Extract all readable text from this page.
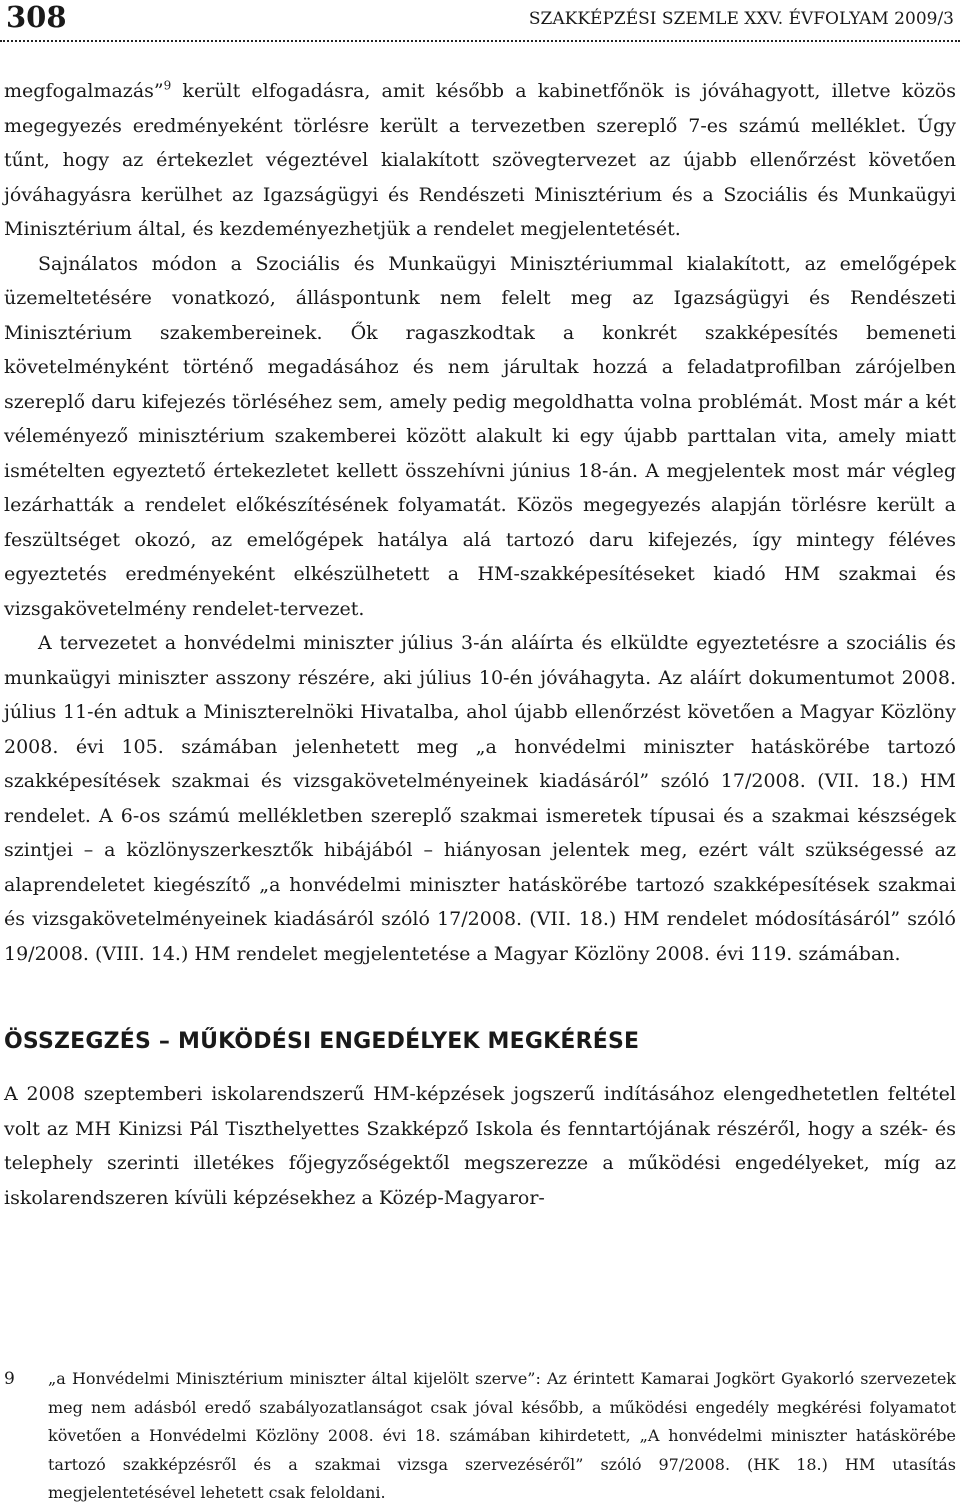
308	SZAKKÉPZÉSI SZEMLE XXV. ÉVFOLYAM 2009/3

megfogalmazás”$^9$ került elfogadásra, amit később a kabinetfőnök is jóváhagyott, illetve közös megegyezés eredményeként törlésre került a tervezetben szereplő 7-es számú melléklet. Úgy tűnt, hogy az értekezlet végeztével kialakított szövegtervezet az újabb ellenőrzést követően jóváhagyásra kerülhet az Igazságügyi és Rendészeti Minisztérium és a Szociális és Munkaügyi Minisztérium által, és kezdeményezhetjük a rendelet megjelentetését.

Sajnálatos módon a Szociális és Munkaügyi Minisztériummal kialakított, az emelőgépek üzemeltetésére vonatkozó, álláspontunk nem felelt meg az Igazságügyi és Rendészeti Minisztérium szakembereinek. Ők ragaszkodtak a konkrét szakképesítés bemeneti követelményként történő megadásához és nem járultak hozzá a feladatprofilban zárójelben szereplő daru kifejezés törléséhez sem, amely pedig megoldhatta volna problémát. Most már a két véleményező minisztérium szakemberei között alakult ki egy újabb parttalan vita, amely miatt ismételten egyeztető értekezletet kellett összehívni június 18-án. A megjelentek most már végleg lezárhatták a rendelet előkészítésének folyamatát. Közös megegyezés alapján törlésre került a feszültséget okozó, az emelőgépek hatálya alá tartozó daru kifejezés, így mintegy féléves egyeztetés eredményeként elkészülhetett a HM-szakképesítéseket kiadó HM szakmai és vizsgakövetelmény rendelet-tervezet.

A tervezetet a honvédelmi miniszter július 3-án aláírta és elküldte egyeztetésre a szociális és munkaügyi miniszter asszony részére, aki július 10-én jóváhagyta. Az aláírt dokumentumot 2008. július 11-én adtuk a Miniszterelnöki Hivatalba, ahol újabb ellenőrzést követően a Magyar Közlöny 2008. évi 105. számában jelenhetett meg „a honvédelmi miniszter hatáskörébe tartozó szakképesítések szakmai és vizsgakövetelményeinek kiadásáról” szóló 17/2008. (VII. 18.) HM rendelet. A 6-os számú mellékletben szereplő szakmai ismeretek típusai és a szakmai készségek szintjei – a közlönyszerkesztők hibájából – hiányosan jelentek meg, ezért vált szükségessé az alaprendeletet kiegészítő „a honvédelmi miniszter hatáskörébe tartozó szakképesítések szakmai és vizsgakövetelményeinek kiadásáról szóló 17/2008. (VII. 18.) HM rendelet módosításáról” szóló 19/2008. (VIII. 14.) HM rendelet megjelentetése a Magyar Közlöny 2008. évi 119. számában.

ÖSSZEGZÉS – MŰKÖDÉSI ENGEDÉLYEK MEGKÉRÉSE

A 2008 szeptemberi iskolarendszerű HM-képzések jogszerű indításához elengedhetetlen feltétel volt az MH Kinizsi Pál Tiszthelyettes Szakképző Iskola és fenntartójának részéről, hogy a szék- és telephely szerinti illetékes főjegyzőségektől megszerezze a működési engedélyeket, míg az iskolarendszeren kívüli képzésekhez a Közép-Magyaror-

9	„a Honvédelmi Minisztérium miniszter által kijelölt szerve”: Az érintett Kamarai Jogkört Gyakorló szervezetek meg nem adásból eredő szabályozatlanságot csak jóval később, a működési engedély megkérési folyamatot követően a Honvédelmi Közlöny 2008. évi 18. számában kihirdetett, „A honvédelmi miniszter hatáskörébe tartozó szakképzésről és a szakmai vizsga szervezéséről” szóló 97/2008. (HK 18.) HM utasítás megjelentetésével lehetett csak feloldani.
